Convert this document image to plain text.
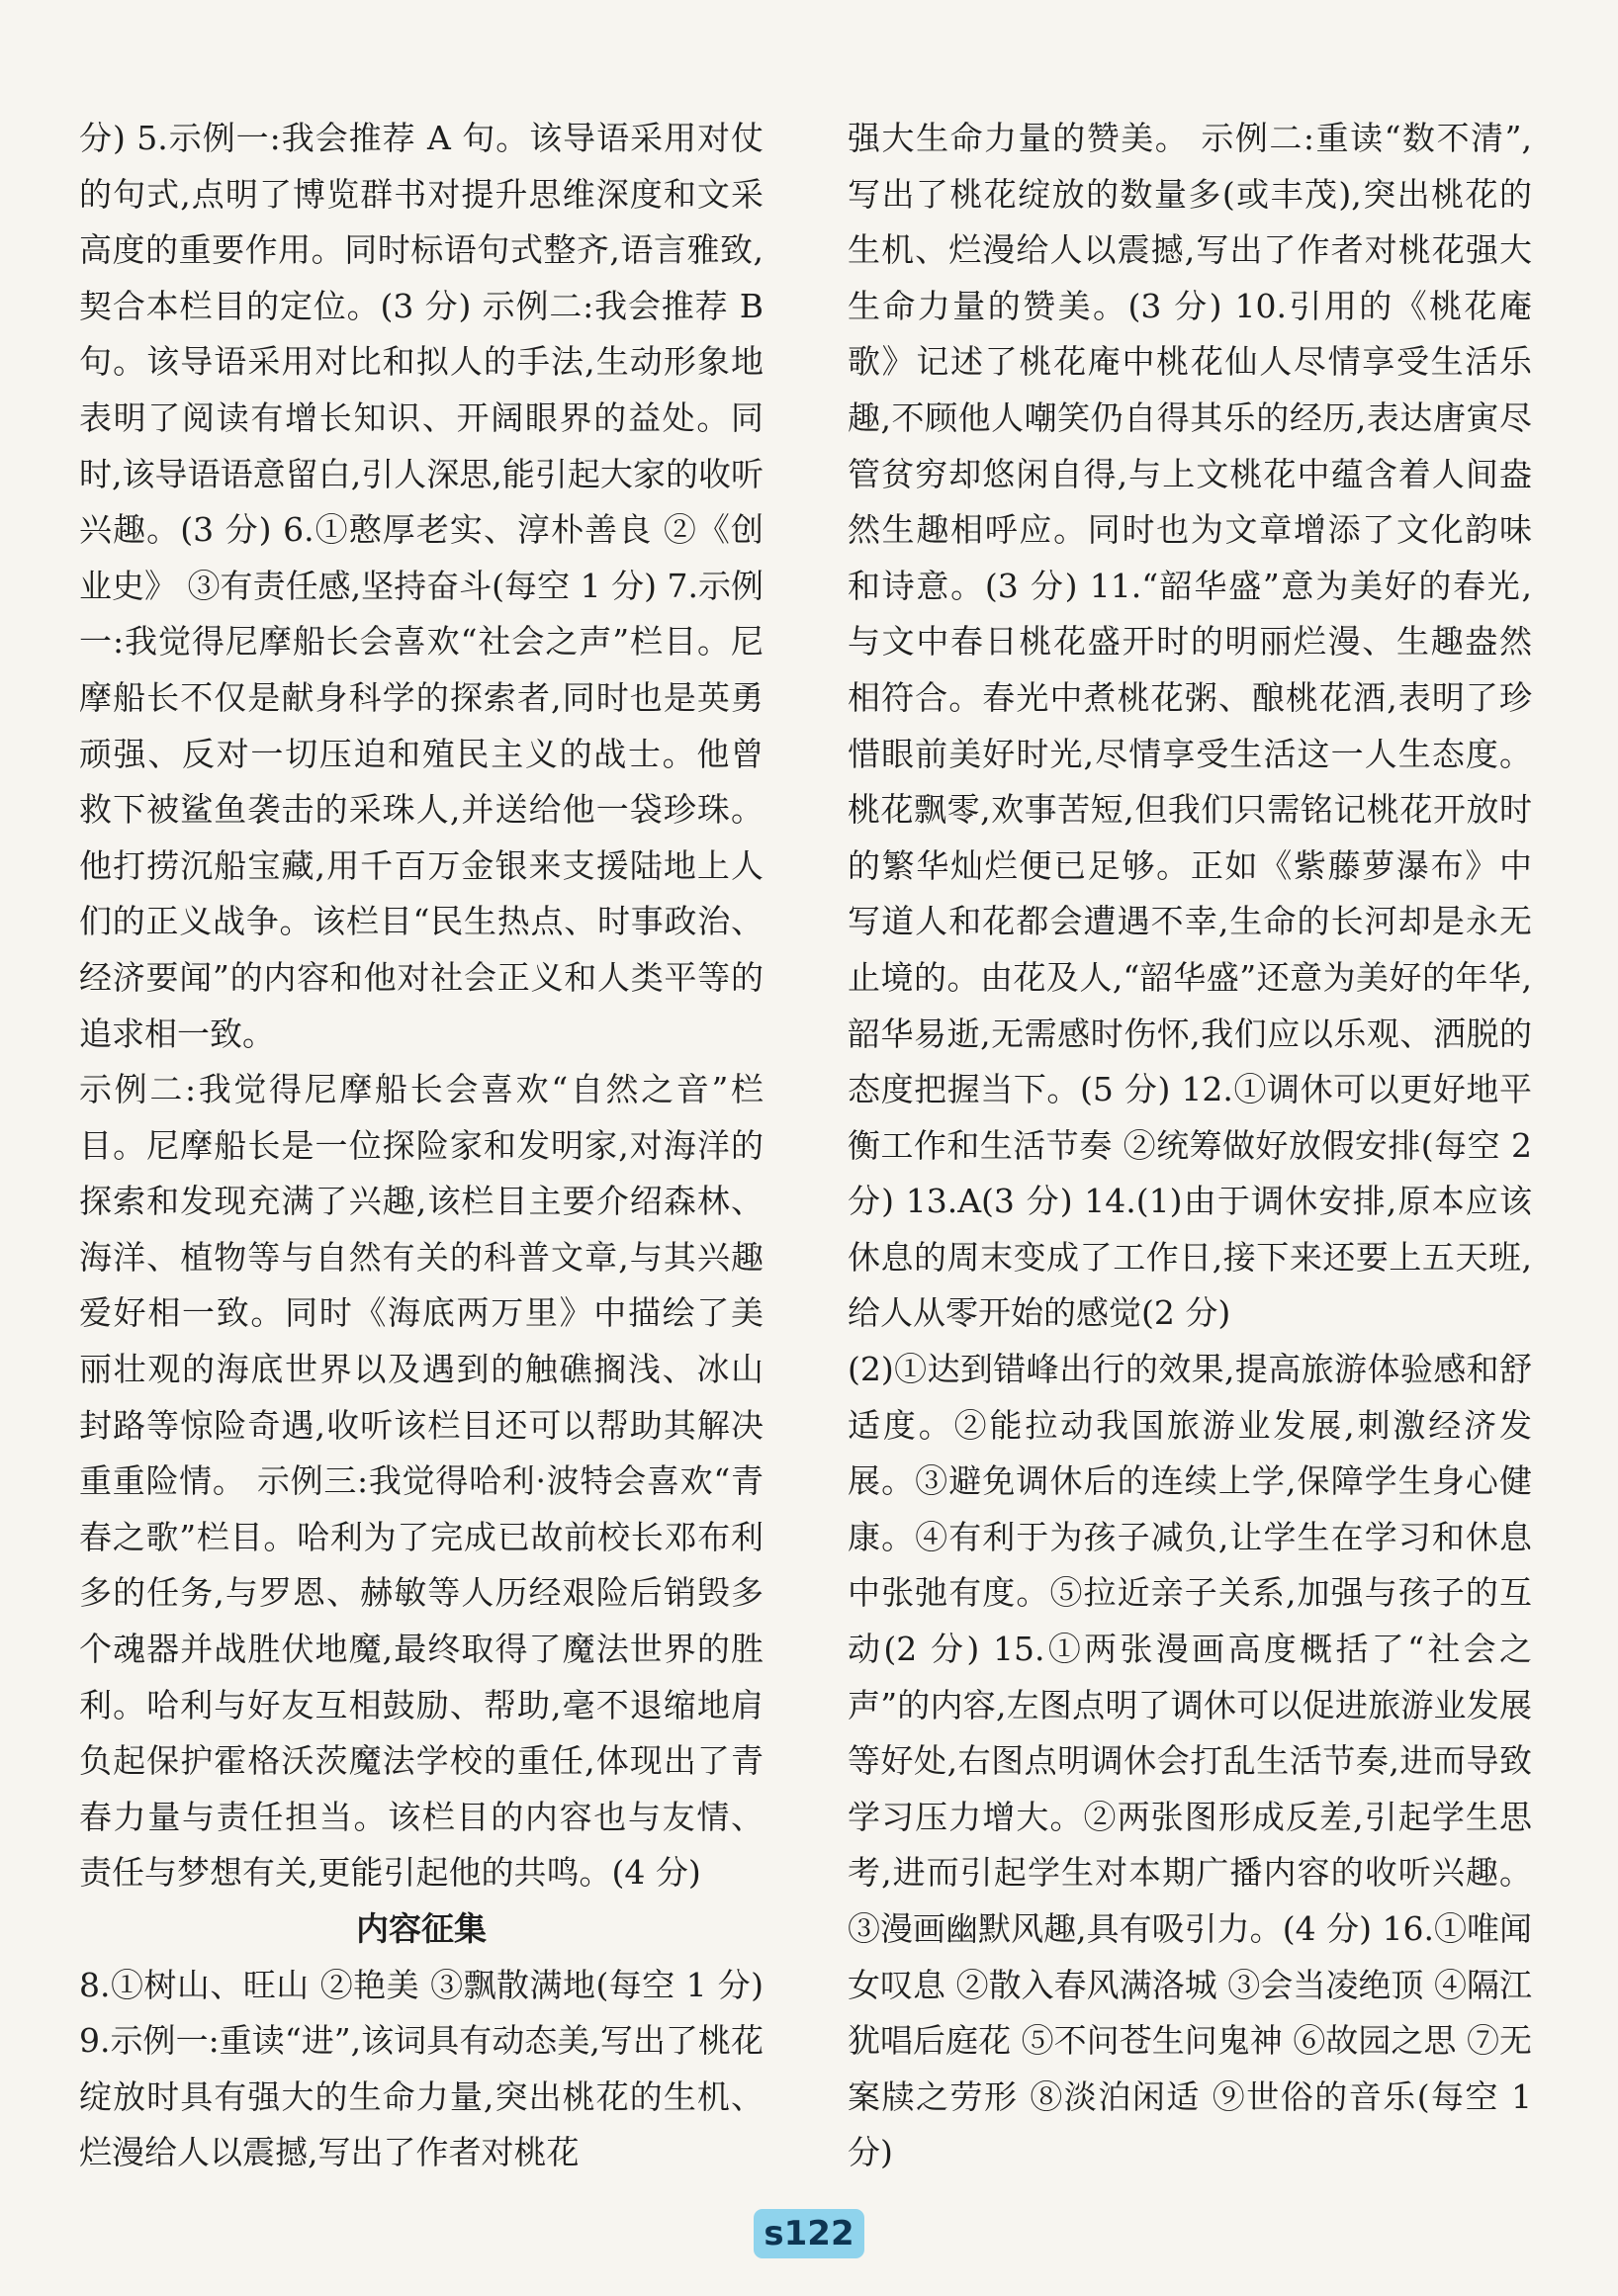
分) 5.示例一:我会推荐 A 句。该导语采用对仗的句式,点明了博览群书对提升思维深度和文采高度的重要作用。同时标语句式整齐,语言雅致,契合本栏目的定位。(3 分) 示例二:我会推荐 B 句。该导语采用对比和拟人的手法,生动形象地表明了阅读有增长知识、开阔眼界的益处。同时,该导语语意留白,引人深思,能引起大家的收听兴趣。(3 分) 6.①憨厚老实、淳朴善良 ②《创业史》 ③有责任感,坚持奋斗(每空 1 分) 7.示例一:我觉得尼摩船长会喜欢“社会之声”栏目。尼摩船长不仅是献身科学的探索者,同时也是英勇顽强、反对一切压迫和殖民主义的战士。他曾救下被鲨鱼袭击的采珠人,并送给他一袋珍珠。他打捞沉船宝藏,用千百万金银来支援陆地上人们的正义战争。该栏目“民生热点、时事政治、经济要闻”的内容和他对社会正义和人类平等的追求相一致。

示例二:我觉得尼摩船长会喜欢“自然之音”栏目。尼摩船长是一位探险家和发明家,对海洋的探索和发现充满了兴趣,该栏目主要介绍森林、海洋、植物等与自然有关的科普文章,与其兴趣爱好相一致。同时《海底两万里》中描绘了美丽壮观的海底世界以及遇到的触礁搁浅、冰山封路等惊险奇遇,收听该栏目还可以帮助其解决重重险情。 示例三:我觉得哈利·波特会喜欢“青春之歌”栏目。哈利为了完成已故前校长邓布利多的任务,与罗恩、赫敏等人历经艰险后销毁多个魂器并战胜伏地魔,最终取得了魔法世界的胜利。哈利与好友互相鼓励、帮助,毫不退缩地肩负起保护霍格沃茨魔法学校的重任,体现出了青春力量与责任担当。该栏目的内容也与友情、责任与梦想有关,更能引起他的共鸣。(4 分)

内容征集

8.①树山、旺山 ②艳美 ③飘散满地(每空 1 分) 9.示例一:重读“进”,该词具有动态美,写出了桃花绽放时具有强大的生命力量,突出桃花的生机、烂漫给人以震撼,写出了作者对桃花

强大生命力量的赞美。 示例二:重读“数不清”,写出了桃花绽放的数量多(或丰茂),突出桃花的生机、烂漫给人以震撼,写出了作者对桃花强大生命力量的赞美。(3 分) 10.引用的《桃花庵歌》记述了桃花庵中桃花仙人尽情享受生活乐趣,不顾他人嘲笑仍自得其乐的经历,表达唐寅尽管贫穷却悠闲自得,与上文桃花中蕴含着人间盎然生趣相呼应。同时也为文章增添了文化韵味和诗意。(3 分) 11.“韶华盛”意为美好的春光,与文中春日桃花盛开时的明丽烂漫、生趣盎然相符合。春光中煮桃花粥、酿桃花酒,表明了珍惜眼前美好时光,尽情享受生活这一人生态度。桃花飘零,欢事苦短,但我们只需铭记桃花开放时的繁华灿烂便已足够。正如《紫藤萝瀑布》中写道人和花都会遭遇不幸,生命的长河却是永无止境的。由花及人,“韶华盛”还意为美好的年华,韶华易逝,无需感时伤怀,我们应以乐观、洒脱的态度把握当下。(5 分) 12.①调休可以更好地平衡工作和生活节奏 ②统筹做好放假安排(每空 2 分) 13.A(3 分) 14.(1)由于调休安排,原本应该休息的周末变成了工作日,接下来还要上五天班,给人从零开始的感觉(2 分)

(2)①达到错峰出行的效果,提高旅游体验感和舒适度。②能拉动我国旅游业发展,刺激经济发展。③避免调休后的连续上学,保障学生身心健康。④有利于为孩子减负,让学生在学习和休息中张弛有度。⑤拉近亲子关系,加强与孩子的互动(2 分) 15.①两张漫画高度概括了“社会之声”的内容,左图点明了调休可以促进旅游业发展等好处,右图点明调休会打乱生活节奏,进而导致学习压力增大。②两张图形成反差,引起学生思考,进而引起学生对本期广播内容的收听兴趣。③漫画幽默风趣,具有吸引力。(4 分) 16.①唯闻女叹息 ②散入春风满洛城 ③会当凌绝顶 ④隔江犹唱后庭花 ⑤不问苍生问鬼神 ⑥故园之思 ⑦无案牍之劳形 ⑧淡泊闲适 ⑨世俗的音乐(每空 1 分)

s122
